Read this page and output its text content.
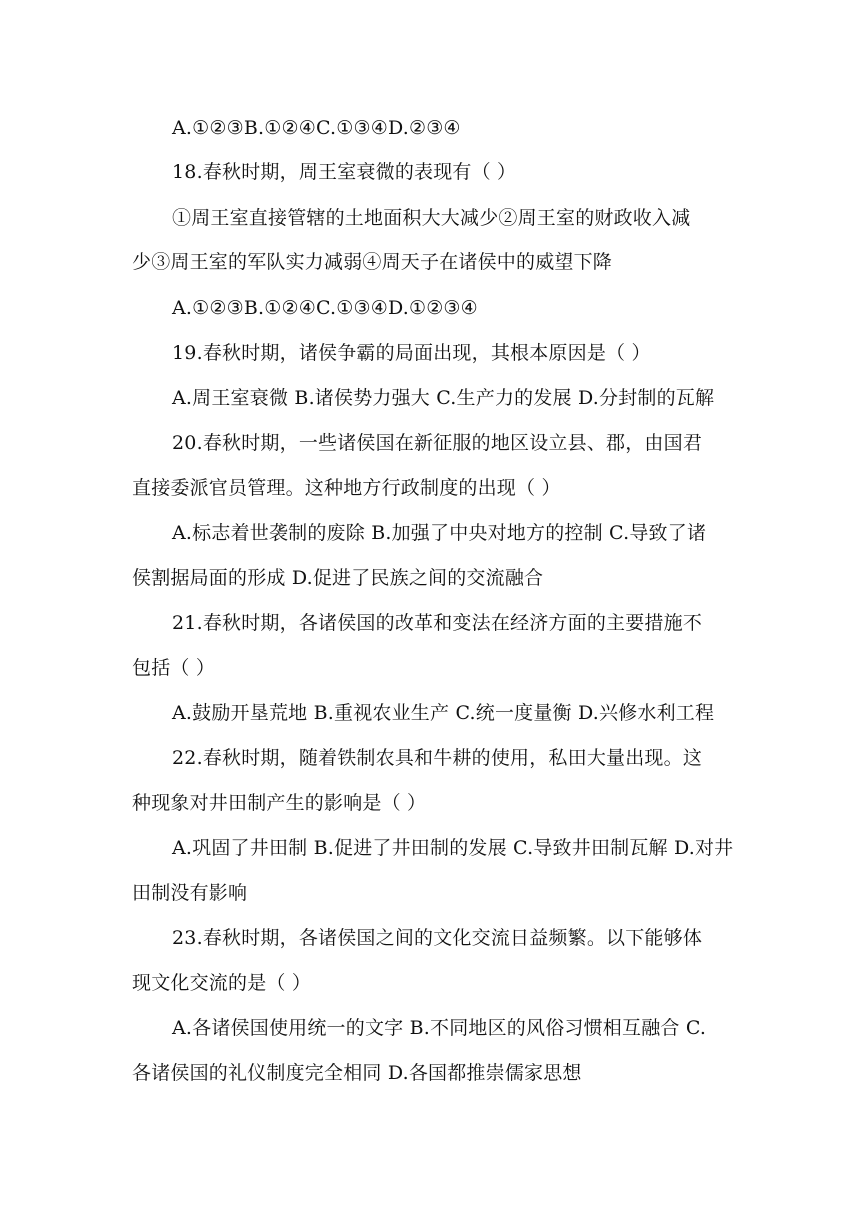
A.①②③B.①②④C.①③④D.②③④
18.春秋时期，周王室衰微的表现有（ ）
①周王室直接管辖的土地面积大大减少②周王室的财政收入减
少③周王室的军队实力减弱④周天子在诸侯中的威望下降
A.①②③B.①②④C.①③④D.①②③④
19.春秋时期，诸侯争霸的局面出现，其根本原因是（ ）
A.周王室衰微 B.诸侯势力强大 C.生产力的发展 D.分封制的瓦解
20.春秋时期，一些诸侯国在新征服的地区设立县、郡，由国君
直接委派官员管理。这种地方行政制度的出现（ ）
A.标志着世袭制的废除 B.加强了中央对地方的控制 C.导致了诸
侯割据局面的形成 D.促进了民族之间的交流融合
21.春秋时期，各诸侯国的改革和变法在经济方面的主要措施不
包括（ ）
A.鼓励开垦荒地 B.重视农业生产 C.统一度量衡 D.兴修水利工程
22.春秋时期，随着铁制农具和牛耕的使用，私田大量出现。这
种现象对井田制产生的影响是（ ）
A.巩固了井田制 B.促进了井田制的发展 C.导致井田制瓦解 D.对井
田制没有影响
23.春秋时期，各诸侯国之间的文化交流日益频繁。以下能够体
现文化交流的是（ ）
A.各诸侯国使用统一的文字 B.不同地区的风俗习惯相互融合 C.
各诸侯国的礼仪制度完全相同 D.各国都推崇儒家思想
